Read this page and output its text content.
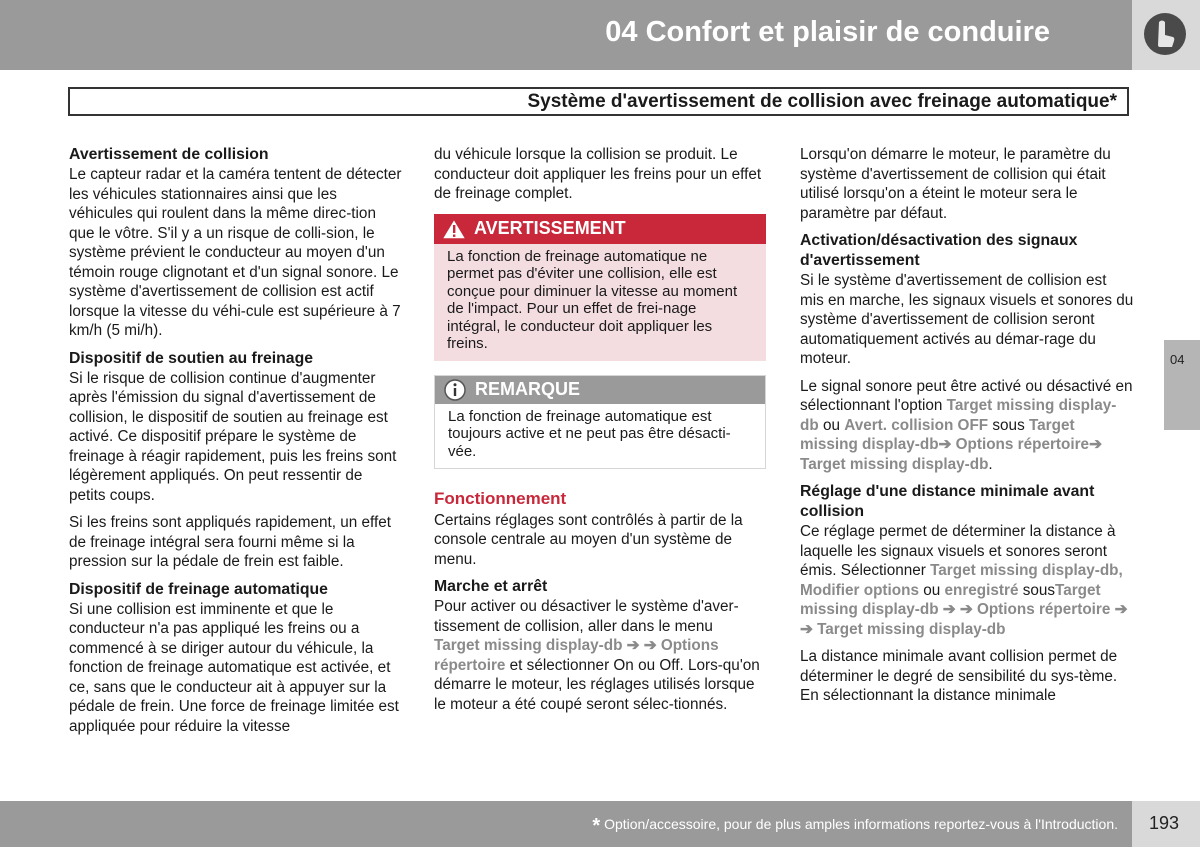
04 Confort et plaisir de conduire
Système d'avertissement de collision avec freinage automatique*
Avertissement de collision

Le capteur radar et la caméra tentent de détecter les véhicules stationnaires ainsi que les véhicules qui roulent dans la même direc-tion que le vôtre. S'il y a un risque de colli-sion, le système prévient le conducteur au moyen d'un témoin rouge clignotant et d'un signal sonore. Le système d'avertissement de collision est actif lorsque la vitesse du véhi-cule est supérieure à 7 km/h (5 mi/h).

Dispositif de soutien au freinage

Si le risque de collision continue d'augmenter après l'émission du signal d'avertissement de collision, le dispositif de soutien au freinage est activé. Ce dispositif prépare le système de freinage à réagir rapidement, puis les freins sont légèrement appliqués. On peut ressentir de petits coups.

Si les freins sont appliqués rapidement, un effet de freinage intégral sera fourni même si la pression sur la pédale de frein est faible.

Dispositif de freinage automatique

Si une collision est imminente et que le conducteur n'a pas appliqué les freins ou a commencé à se diriger autour du véhicule, la fonction de freinage automatique est activée, et ce, sans que le conducteur ait à appuyer sur la pédale de frein. Une force de freinage limitée est appliquée pour réduire la vitesse

du véhicule lorsque la collision se produit. Le conducteur doit appliquer les freins pour un effet de freinage complet.

AVERTISSEMENT
La fonction de freinage automatique ne permet pas d'éviter une collision, elle est conçue pour diminuer la vitesse au moment de l'impact. Pour un effet de frei-nage intégral, le conducteur doit appliquer les freins.
REMARQUE
La fonction de freinage automatique est toujours active et ne peut pas être désacti-vée.
Fonctionnement

Certains réglages sont contrôlés à partir de la console centrale au moyen d'un système de menu.

Marche et arrêt

Pour activer ou désactiver le système d'aver-tissement de collision, aller dans le menu
Target missing display-db ➔ ➔ Options répertoire et sélectionner On ou Off. Lors-qu'on démarre le moteur, les réglages utilisés lorsque le moteur a été coupé seront sélec-tionnés.

Lorsqu'on démarre le moteur, le paramètre du système d'avertissement de collision qui était utilisé lorsqu'on a éteint le moteur sera le paramètre par défaut.

Activation/désactivation des signaux d'avertissement

Si le système d'avertissement de collision est mis en marche, les signaux visuels et sonores du système d'avertissement de collision seront automatiquement activés au démar-rage du moteur.

Le signal sonore peut être activé ou désactivé en sélectionnant l'option Target missing display-db ou Avert. collision OFF sous Target missing display-db➔ Options répertoire➔ Target missing display-db.

Réglage d'une distance minimale avant collision

Ce réglage permet de déterminer la distance à laquelle les signaux visuels et sonores seront émis. Sélectionner Target missing display-db, Modifier options ou enregistré sousTarget missing display-db ➔ ➔ Options répertoire ➔ ➔ Target missing display-db

La distance minimale avant collision permet de déterminer le degré de sensibilité du sys-tème. En sélectionnant la distance minimale

04
* Option/accessoire, pour de plus amples informations reportez-vous à l'Introduction. 193
